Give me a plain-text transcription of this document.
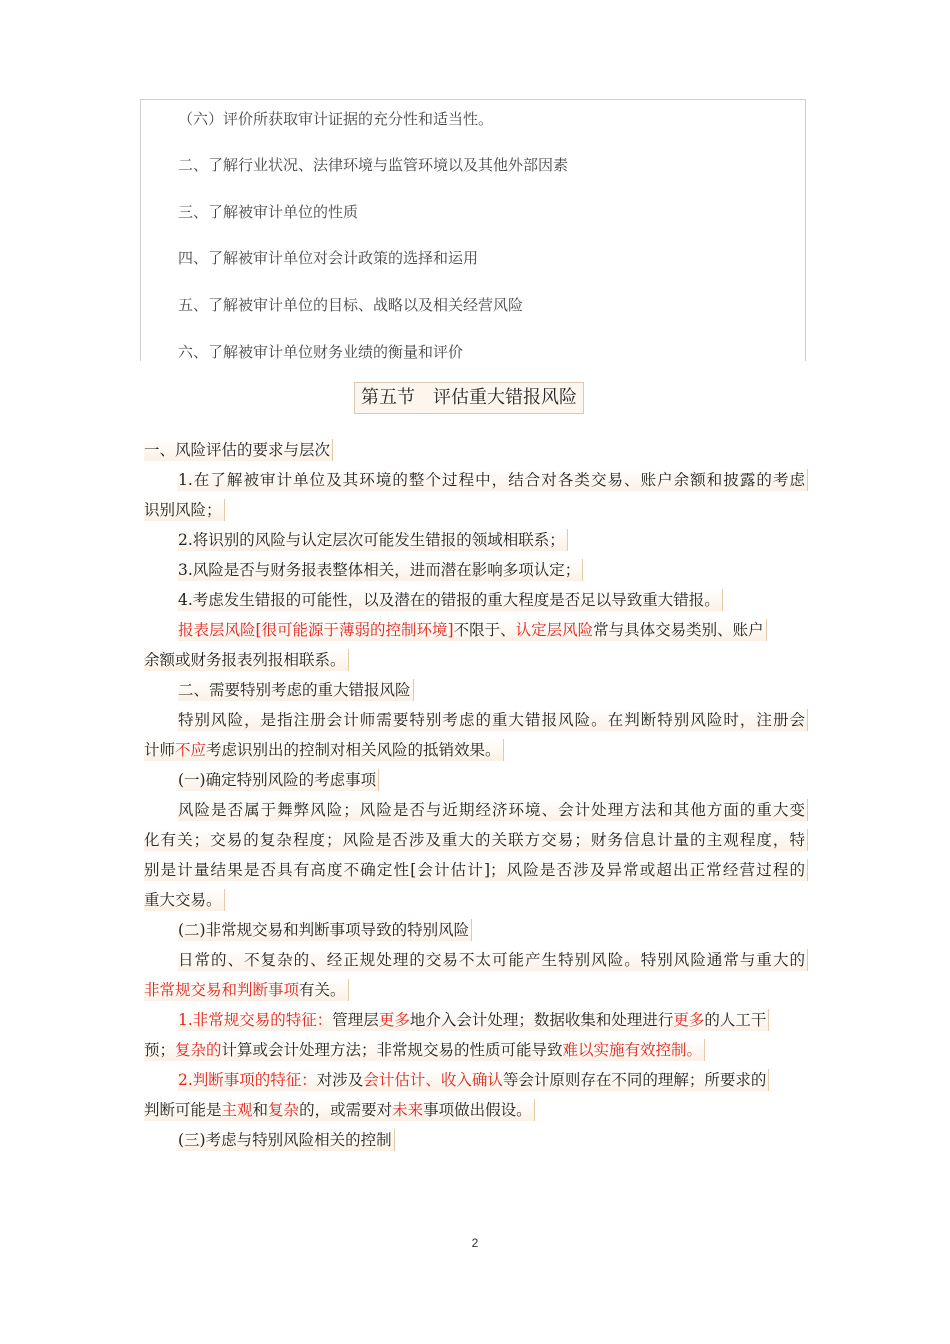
（六）评价所获取审计证据的充分性和适当性。
二、了解行业状况、法律环境与监管环境以及其他外部因素
三、了解被审计单位的性质
四、了解被审计单位对会计政策的选择和运用
五、了解被审计单位的目标、战略以及相关经营风险
六、了解被审计单位财务业绩的衡量和评价
第五节　评估重大错报风险
一、风险评估的要求与层次
1.在了解被审计单位及其环境的整个过程中，结合对各类交易、账户余额和披露的考虑
识别风险；
2.将识别的风险与认定层次可能发生错报的领域相联系；
3.风险是否与财务报表整体相关，进而潜在影响多项认定；
4.考虑发生错报的可能性，以及潜在的错报的重大程度是否足以导致重大错报。
报表层风险[很可能源于薄弱的控制环境]不限于、认定层风险常与具体交易类别、账户
余额或财务报表列报相联系。
二、需要特别考虑的重大错报风险
特别风险，是指注册会计师需要特别考虑的重大错报风险。在判断特别风险时，注册会
计师不应考虑识别出的控制对相关风险的抵销效果。
(一)确定特别风险的考虑事项
风险是否属于舞弊风险；风险是否与近期经济环境、会计处理方法和其他方面的重大变
化有关；交易的复杂程度；风险是否涉及重大的关联方交易；财务信息计量的主观程度，特
别是计量结果是否具有高度不确定性[会计估计]；风险是否涉及异常或超出正常经营过程的
重大交易。
(二)非常规交易和判断事项导致的特别风险
日常的、不复杂的、经正规处理的交易不太可能产生特别风险。特别风险通常与重大的
非常规交易和判断事项有关。
1.非常规交易的特征：管理层更多地介入会计处理；数据收集和处理进行更多的人工干
预；复杂的计算或会计处理方法；非常规交易的性质可能导致难以实施有效控制。
2.判断事项的特征：对涉及会计估计、收入确认等会计原则存在不同的理解；所要求的
判断可能是主观和复杂的，或需要对未来事项做出假设。
(三)考虑与特别风险相关的控制
2
